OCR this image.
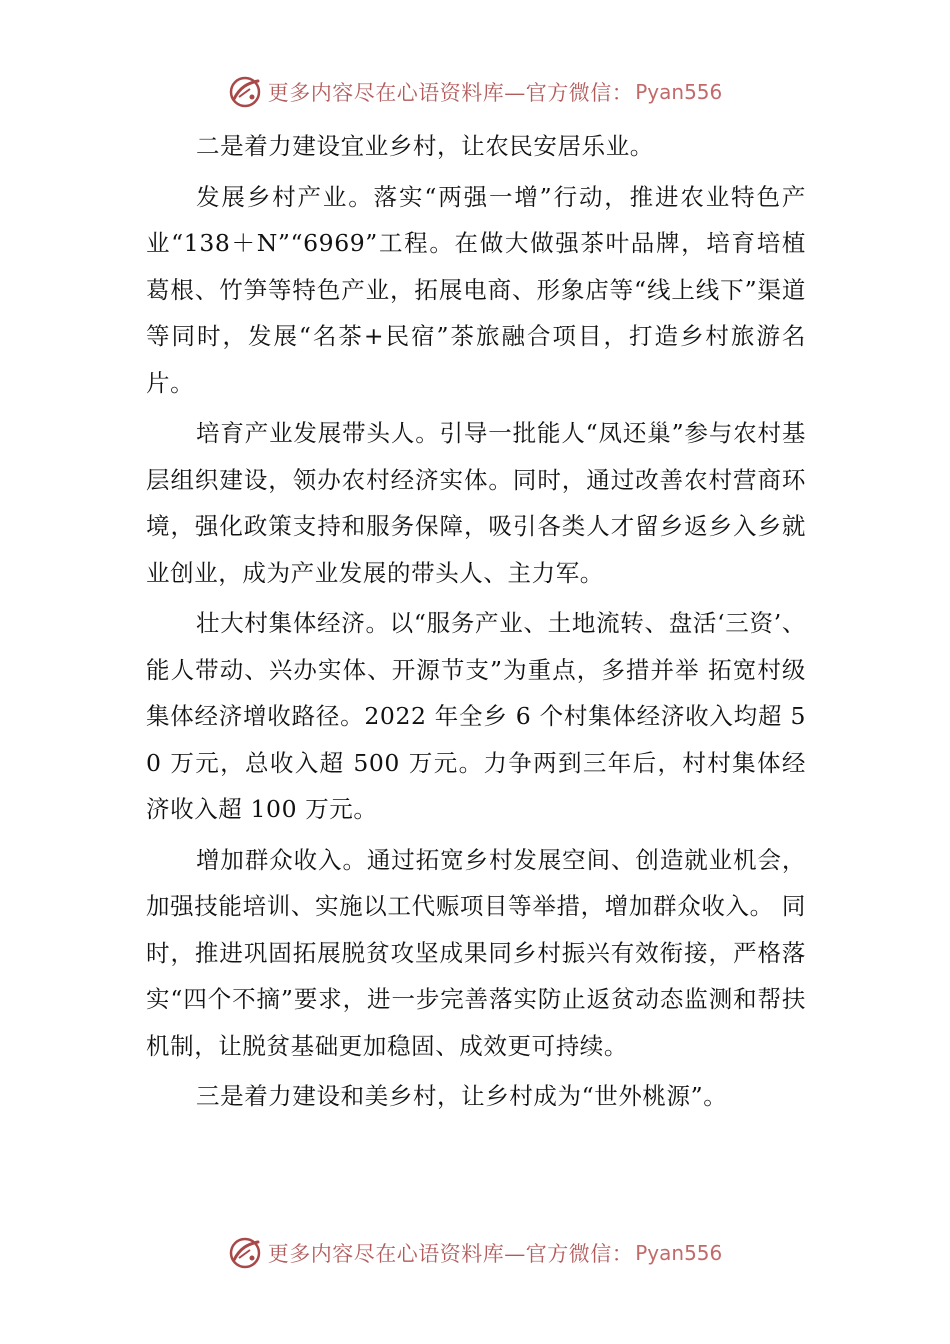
更多内容尽在心语资料库—官方微信： Pyan556

二是着力建设宜业乡村，让农民安居乐业。

发展乡村产业。落实“两强一增”行动，推进农业特色产业“138＋N”“6969”工程。在做大做强茶叶品牌，培育培植葛根、竹笋等特色产业，拓展电商、形象店等“线上线下”渠道等同时，发展“名茶+民宿”茶旅融合项目，打造乡村旅游名片。

培育产业发展带头人。引导一批能人“凤还巢”参与农村基层组织建设，领办农村经济实体。同时，通过改善农村营商环境，强化政策支持和服务保障，吸引各类人才留乡返乡入乡就业创业，成为产业发展的带头人、主力军。

壮大村集体经济。以“服务产业、土地流转、盘活‘三资’、能人带动、兴办实体、开源节支”为重点，多措并举 拓宽村级集体经济增收路径。2022 年全乡 6 个村集体经济收入均超 50 万元，总收入超 500 万元。力争两到三年后，村村集体经济收入超 100 万元。

增加群众收入。通过拓宽乡村发展空间、创造就业机会，加强技能培训、实施以工代赈项目等举措，增加群众收入。 同时，推进巩固拓展脱贫攻坚成果同乡村振兴有效衔接，严格落实“四个不摘”要求，进一步完善落实防止返贫动态监测和帮扶机制，让脱贫基础更加稳固、成效更可持续。

三是着力建设和美乡村，让乡村成为“世外桃源”。

更多内容尽在心语资料库—官方微信： Pyan556
